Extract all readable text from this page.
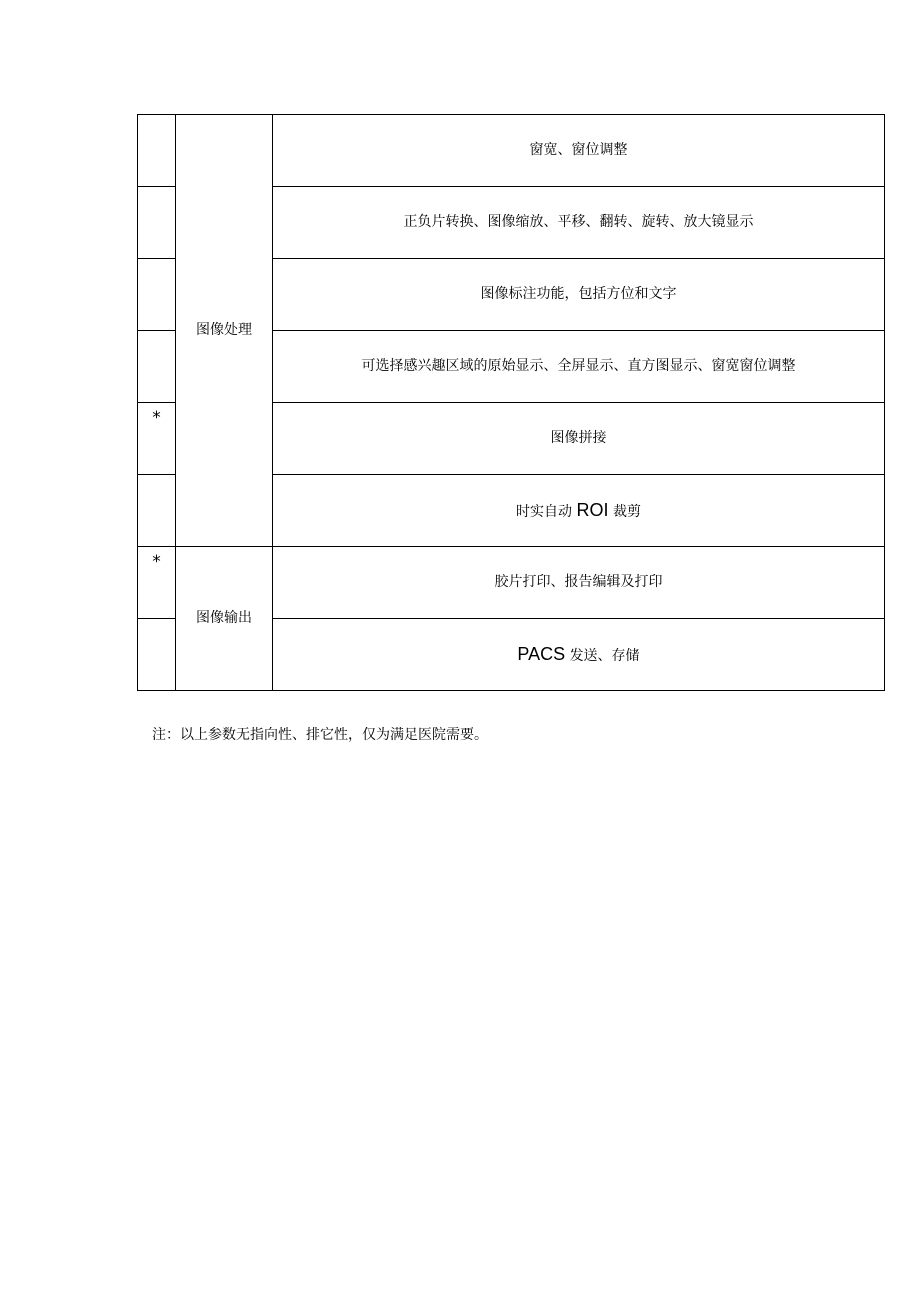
	图像处理	窗宽、窗位调整
		正负片转换、图像缩放、平移、翻转、旋转、放大镜显示
		图像标注功能，包括方位和文字
		可选择感兴趣区域的原始显示、全屏显示、直方图显示、窗宽窗位调整
*		图像拼接
		时实自动 ROI 裁剪
*	图像输出	胶片打印、报告编辑及打印
		PACS 发送、存储
注：以上参数无指向性、排它性，仅为满足医院需要。
